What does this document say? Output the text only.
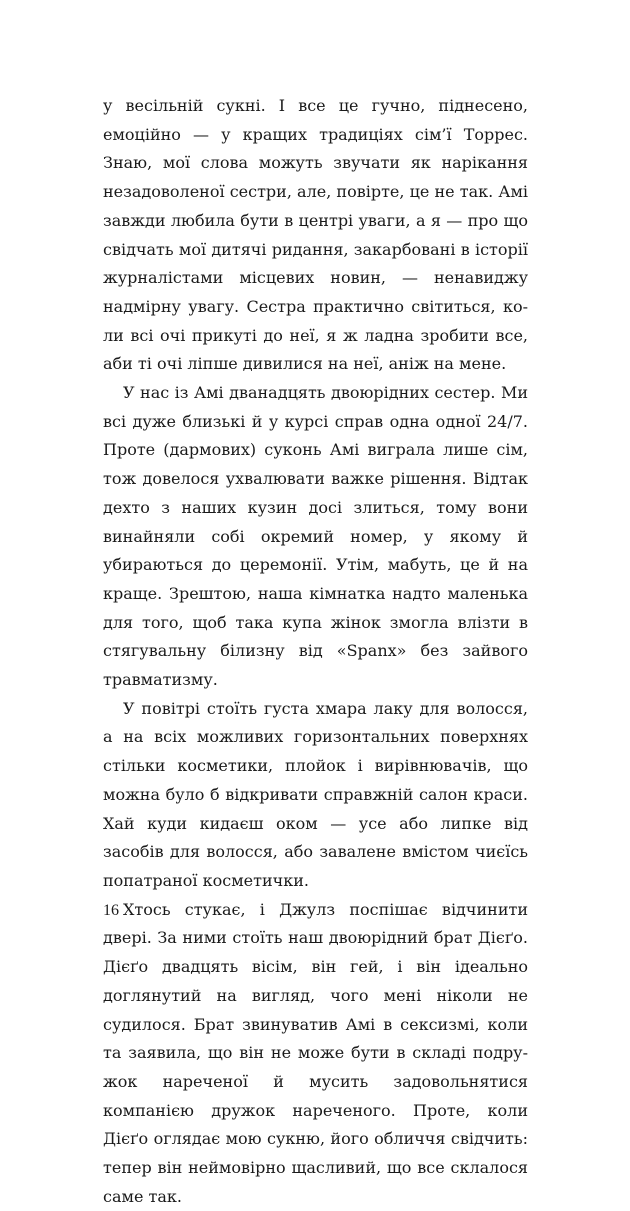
у весільній сукні. І все це гучно, піднесено, емоційно — у кращих традиціях сім’ї Торрес. Знаю, мої слова можуть звучати як нарікання незадоволеної сестри, але, повірте, це не так. Амі завжди любила бути в центрі уваги, а я — про що свідчать мої дитячі ридання, закарбовані в історії журналістами місцевих новин, — ненавиджу надмірну увагу. Сестра практично світиться, коли всі очі прикуті до неї, я ж ладна зробити все, аби ті очі ліпше дивилися на неї, аніж на мене.

У нас із Амі дванадцять двоюрідних сестер. Ми всі дуже близькі й у курсі справ одна одної 24/7. Проте (дармових) суконь Амі виграла лише сім, тож довелося ухвалювати важке рішення. Відтак дехто з наших кузин досі злиться, тому вони винайняли собі окремий номер, у якому й убираються до церемонії. Утім, мабуть, це й на краще. Зрештою, наша кімнатка надто маленька для того, щоб така купа жінок змогла влізти в стягувальну білизну від «Spanx» без зайвого травматизму.

У повітрі стоїть густа хмара лаку для волосся, а на всіх можливих горизонтальних поверхнях стільки косметики, плойок і вирівнювачів, що можна було б відкривати справжній салон краси. Хай куди кидаєш оком — усе або липке від засобів для волосся, або завалене вмістом чиєїсь попатраної косметички.

Хтось стукає, і Джулз поспішає відчинити двері. За ними стоїть наш двоюрідний брат Дієґо. Дієґо двадцять вісім, він гей, і він ідеально доглянутий на вигляд, чого мені ніколи не судилося. Брат звинуватив Амі в сексизмі, коли та заявила, що він не може бути в складі подружок нареченої й мусить задовольнятися компанією дружок нареченого. Проте, коли Дієґо оглядає мою сукню, його обличчя свідчить: тепер він неймовірно щасливий, що все склалося саме так.

16
